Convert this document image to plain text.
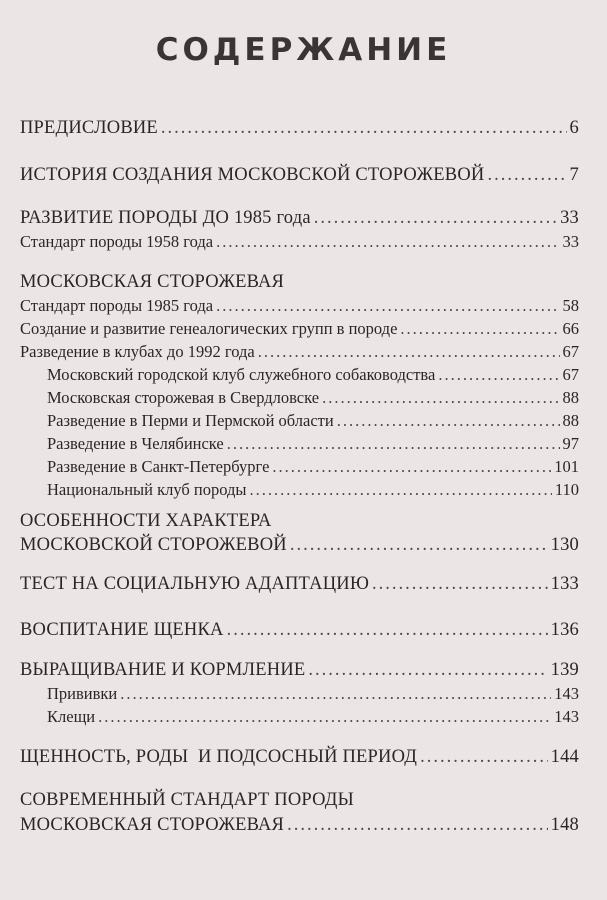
СОДЕРЖАНИЕ
ПРЕДИСЛОВИЕ .....	6
ИСТОРИЯ СОЗДАНИЯ МОСКОВСКОЙ СТОРОЖЕВОЙ .....	7
РАЗВИТИЕ ПОРОДЫ ДО 1985 года .....	33
Стандарт породы 1958 года .....	33
МОСКОВСКАЯ СТОРОЖЕВАЯ
Стандарт породы 1985 года .....	58
Создание и развитие генеалогических групп в породе .....	66
Разведение в клубах до 1992 года .....	67
Московский городской клуб служебного собаководства .....	67
Московская сторожевая в Свердловске .....	88
Разведение в Перми и Пермской области .....	88
Разведение в Челябинске .....	97
Разведение в Санкт-Петербурге .....	101
Национальный клуб породы .....	110
ОСОБЕННОСТИ ХАРАКТЕРА
МОСКОВСКОЙ СТОРОЖЕВОЙ .....	130
ТЕСТ НА СОЦИАЛЬНУЮ АДАПТАЦИЮ .....	133
ВОСПИТАНИЕ ЩЕНКА .....	136
ВЫРАЩИВАНИЕ И КОРМЛЕНИЕ .....	139
Прививки .....	143
Клещи .....	143
ЩЕННОСТЬ, РОДЫ  И ПОДСОСНЫЙ ПЕРИОД .....	144
СОВРЕМЕННЫЙ СТАНДАРТ ПОРОДЫ
МОСКОВСКАЯ СТОРОЖЕВАЯ .....	148
